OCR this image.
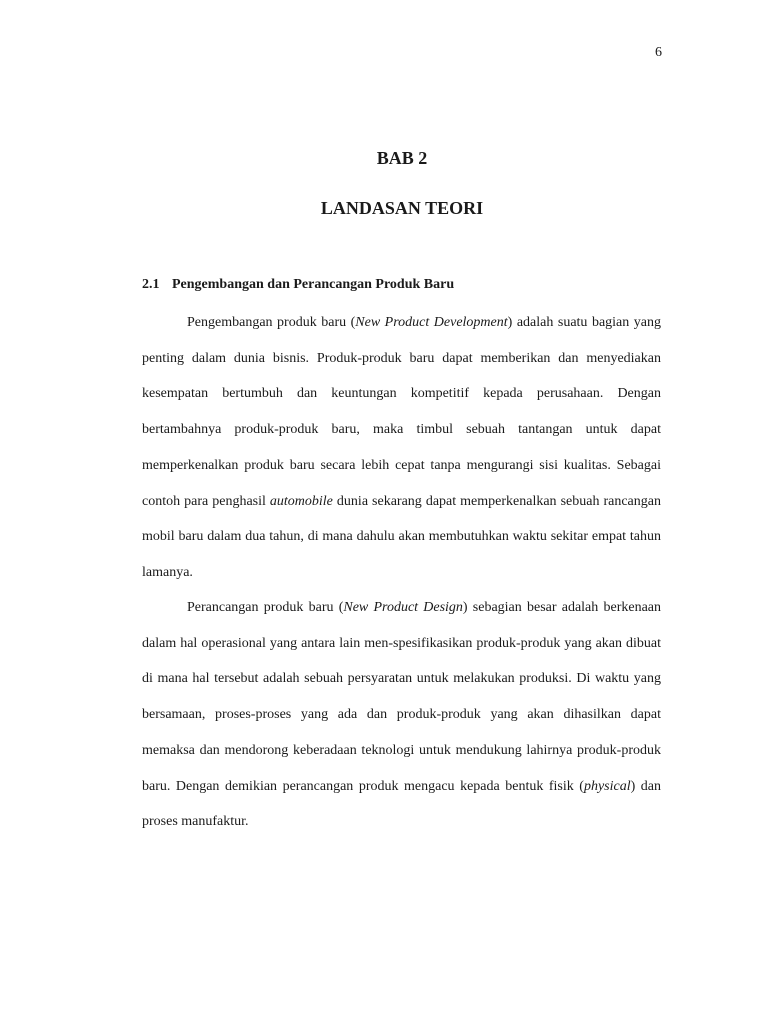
6
BAB 2
LANDASAN TEORI
2.1 Pengembangan dan Perancangan Produk Baru

Pengembangan produk baru (New Product Development) adalah suatu bagian yang penting dalam dunia bisnis. Produk-produk baru dapat memberikan dan menyediakan kesempatan bertumbuh dan keuntungan kompetitif kepada perusahaan. Dengan bertambahnya produk-produk baru, maka timbul sebuah tantangan untuk dapat memperkenalkan produk baru secara lebih cepat tanpa mengurangi sisi kualitas. Sebagai contoh para penghasil automobile dunia sekarang dapat memperkenalkan sebuah rancangan mobil baru dalam dua tahun, di mana dahulu akan membutuhkan waktu sekitar empat tahun lamanya.

Perancangan produk baru (New Product Design) sebagian besar adalah berkenaan dalam hal operasional yang antara lain men-spesifikasikan produk-produk yang akan dibuat di mana hal tersebut adalah sebuah persyaratan untuk melakukan produksi. Di waktu yang bersamaan, proses-proses yang ada dan produk-produk yang akan dihasilkan dapat memaksa dan mendorong keberadaan teknologi untuk mendukung lahirnya produk-produk baru. Dengan demikian perancangan produk mengacu kepada bentuk fisik (physical) dan proses manufaktur.
